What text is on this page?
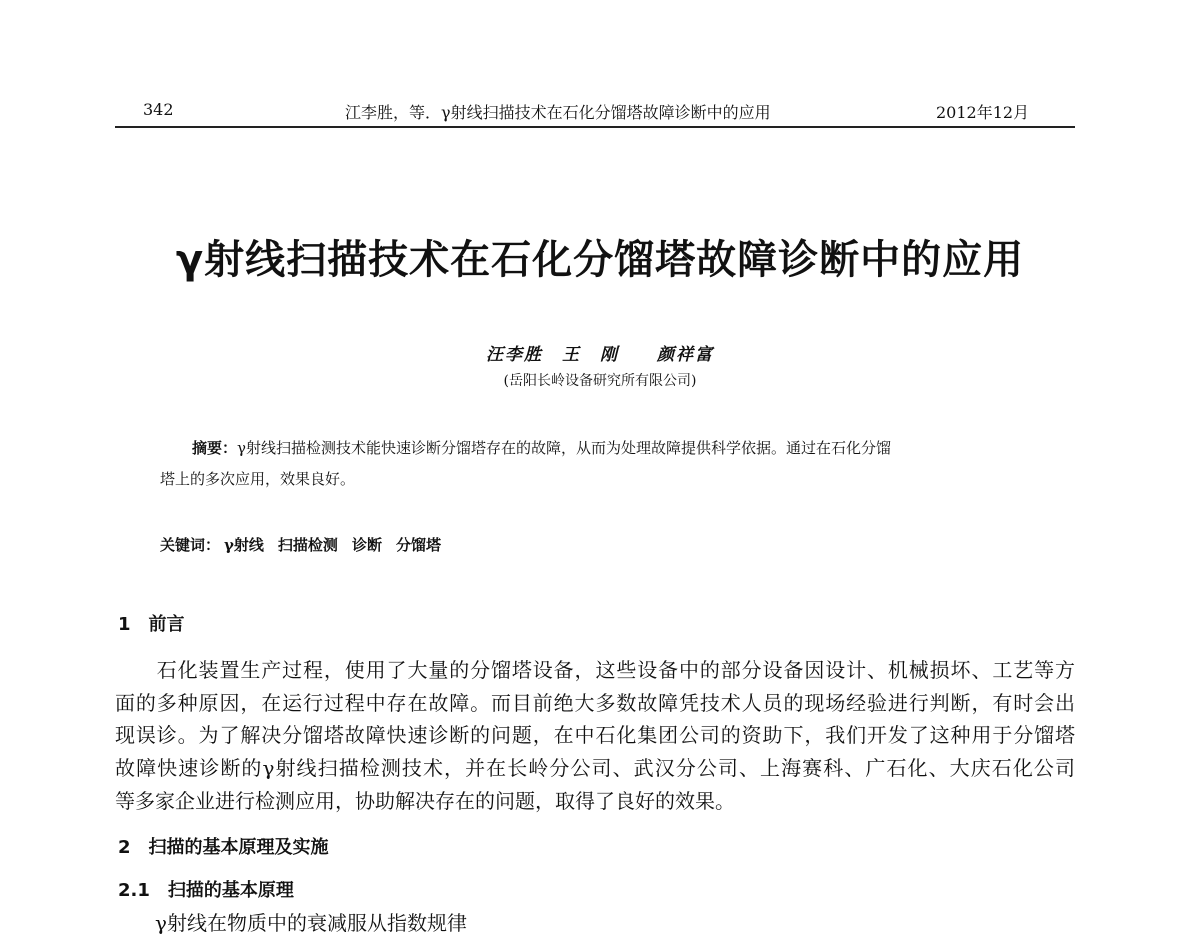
342	江李胜，等．γ射线扫描技术在石化分馏塔故障诊断中的应用	2012年12月
γ射线扫描技术在石化分馏塔故障诊断中的应用
汪李胜　王　刚　　颜祥富
(岳阳长岭设备研究所有限公司)
摘要：γ射线扫描检测技术能快速诊断分馏塔存在的故障，从而为处理故障提供科学依据。通过在石化分馏
塔上的多次应用，效果良好。
关键词： γ射线 扫描检测 诊断 分馏塔
1　前言
　　石化装置生产过程，使用了大量的分馏塔设备，这些设备中的部分设备因设计、机械损坏、工艺等方
面的多种原因，在运行过程中存在故障。而目前绝大多数故障凭技术人员的现场经验进行判断，有时会出
现误诊。为了解决分馏塔故障快速诊断的问题，在中石化集团公司的资助下，我们开发了这种用于分馏塔
故障快速诊断的γ射线扫描检测技术，并在长岭分公司、武汉分公司、上海赛科、广石化、大庆石化公司
等多家企业进行检测应用，协助解决存在的问题，取得了良好的效果。
2　扫描的基本原理及实施
2.1　扫描的基本原理
　　γ射线在物质中的衰减服从指数规律
